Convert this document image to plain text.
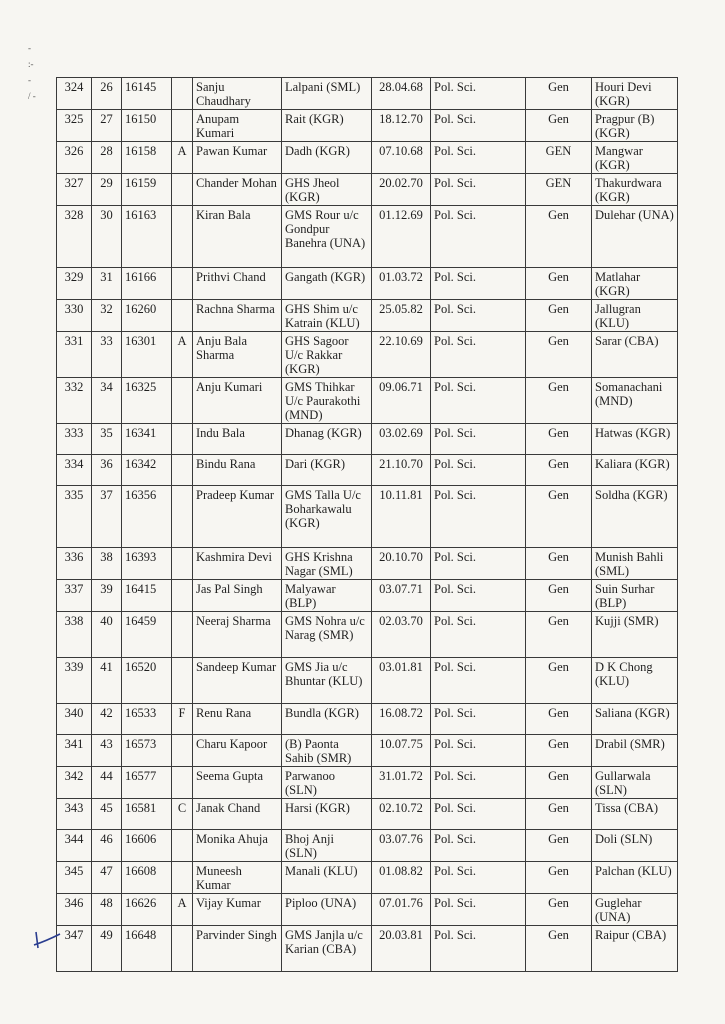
-
:-
-
/ -
324	26	16145		Sanju Chaudhary	Lalpani (SML)	28.04.68	Pol. Sci.	Gen	Houri Devi (KGR)
325	27	16150		Anupam Kumari	Rait (KGR)	18.12.70	Pol. Sci.	Gen	Pragpur (B) (KGR)
326	28	16158	A	Pawan Kumar	Dadh (KGR)	07.10.68	Pol. Sci.	GEN	Mangwar (KGR)
327	29	16159		Chander Mohan	GHS Jheol (KGR)	20.02.70	Pol. Sci.	GEN	Thakurdwara (KGR)
328	30	16163		Kiran Bala	GMS Rour u/c Gondpur Banehra (UNA)	01.12.69	Pol. Sci.	Gen	Dulehar (UNA)
329	31	16166		Prithvi Chand	Gangath (KGR)	01.03.72	Pol. Sci.	Gen	Matlahar (KGR)
330	32	16260		Rachna Sharma	GHS Shim u/c Katrain (KLU)	25.05.82	Pol. Sci.	Gen	Jallugran (KLU)
331	33	16301	A	Anju Bala Sharma	GHS Sagoor U/c Rakkar (KGR)	22.10.69	Pol. Sci.	Gen	Sarar (CBA)
332	34	16325		Anju Kumari	GMS Thihkar U/c Paurakothi (MND)	09.06.71	Pol. Sci.	Gen	Somanachani (MND)
333	35	16341		Indu Bala	Dhanag (KGR)	03.02.69	Pol. Sci.	Gen	Hatwas (KGR)
334	36	16342		Bindu Rana	Dari (KGR)	21.10.70	Pol. Sci.	Gen	Kaliara (KGR)
335	37	16356		Pradeep Kumar	GMS Talla U/c Boharkawalu (KGR)	10.11.81	Pol. Sci.	Gen	Soldha (KGR)
336	38	16393		Kashmira Devi	GHS Krishna Nagar (SML)	20.10.70	Pol. Sci.	Gen	Munish Bahli (SML)
337	39	16415		Jas Pal Singh	Malyawar (BLP)	03.07.71	Pol. Sci.	Gen	Suin Surhar (BLP)
338	40	16459		Neeraj Sharma	GMS Nohra u/c Narag (SMR)	02.03.70	Pol. Sci.	Gen	Kujji (SMR)
339	41	16520		Sandeep Kumar	GMS Jia u/c Bhuntar (KLU)	03.01.81	Pol. Sci.	Gen	D K Chong (KLU)
340	42	16533	F	Renu Rana	Bundla (KGR)	16.08.72	Pol. Sci.	Gen	Saliana (KGR)
341	43	16573		Charu Kapoor	(B) Paonta Sahib (SMR)	10.07.75	Pol. Sci.	Gen	Drabil (SMR)
342	44	16577		Seema Gupta	Parwanoo (SLN)	31.01.72	Pol. Sci.	Gen	Gullarwala (SLN)
343	45	16581	C	Janak Chand	Harsi (KGR)	02.10.72	Pol. Sci.	Gen	Tissa (CBA)
344	46	16606		Monika Ahuja	Bhoj Anji (SLN)	03.07.76	Pol. Sci.	Gen	Doli (SLN)
345	47	16608		Muneesh Kumar	Manali (KLU)	01.08.82	Pol. Sci.	Gen	Palchan (KLU)
346	48	16626	A	Vijay Kumar	Piploo (UNA)	07.01.76	Pol. Sci.	Gen	Guglehar (UNA)
347	49	16648		Parvinder Singh	GMS Janjla u/c Karian (CBA)	20.03.81	Pol. Sci.	Gen	Raipur (CBA)
